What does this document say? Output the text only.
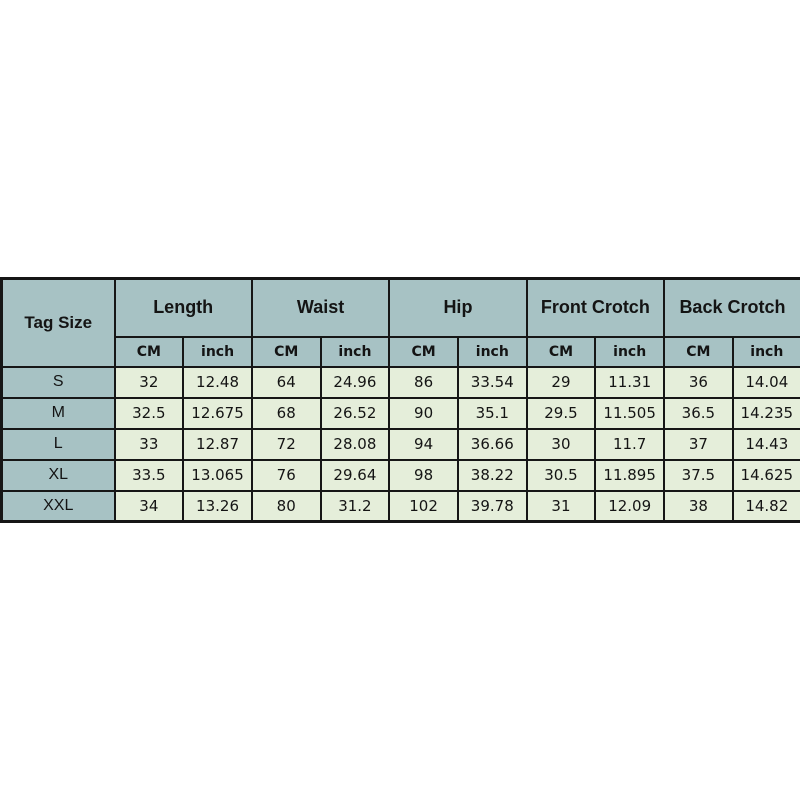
Tag Size	Length		Waist		Hip		Front Crotch		Back Crotch	
	CM	inch	CM	inch	CM	inch	CM	inch	CM	inch
S	32	12.48	64	24.96	86	33.54	29	11.31	36	14.04
M	32.5	12.675	68	26.52	90	35.1	29.5	11.505	36.5	14.235
L	33	12.87	72	28.08	94	36.66	30	11.7	37	14.43
XL	33.5	13.065	76	29.64	98	38.22	30.5	11.895	37.5	14.625
XXL	34	13.26	80	31.2	102	39.78	31	12.09	38	14.82
